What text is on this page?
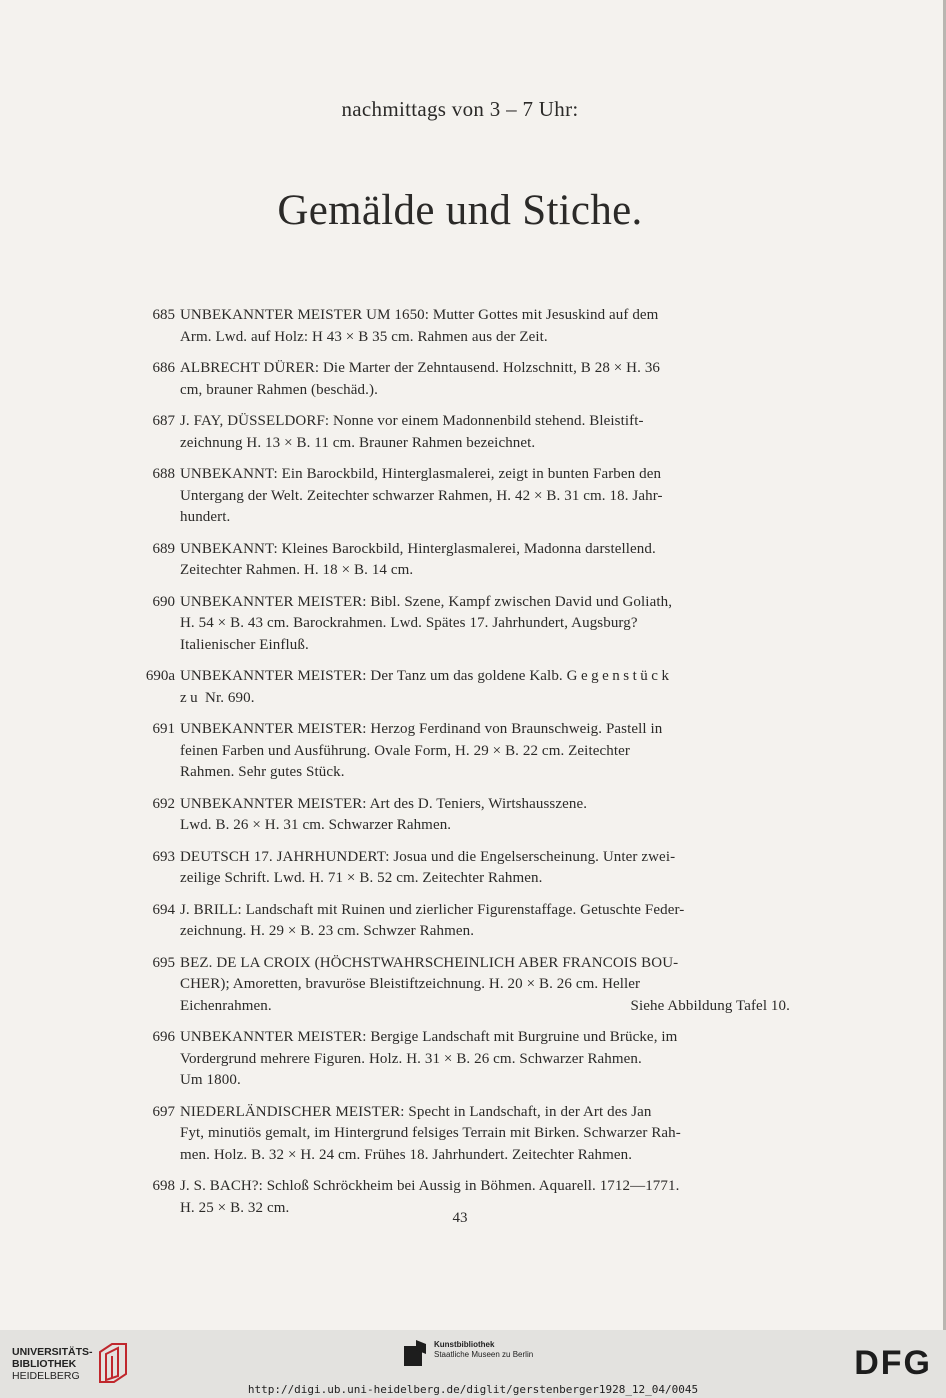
nachmittags von 3 – 7 Uhr:
Gemälde und Stiche.
685 UNBEKANNTER MEISTER UM 1650: Mutter Gottes mit Jesuskind auf dem
Arm. Lwd. auf Holz: H 43 × B 35 cm. Rahmen aus der Zeit.
686 ALBRECHT DÜRER: Die Marter der Zehntausend. Holzschnitt, B 28 × H. 36
cm, brauner Rahmen (beschäd.).
687 J. FAY, DÜSSELDORF: Nonne vor einem Madonnenbild stehend. Bleistift-
zeichnung H. 13 × B. 11 cm. Brauner Rahmen bezeichnet.
688 UNBEKANNT: Ein Barockbild, Hinterglasmalerei, zeigt in bunten Farben den
Untergang der Welt. Zeitechter schwarzer Rahmen, H. 42 × B. 31 cm. 18. Jahr-
hundert.
689 UNBEKANNT: Kleines Barockbild, Hinterglasmalerei, Madonna darstellend.
Zeitechter Rahmen. H. 18 × B. 14 cm.
690 UNBEKANNTER MEISTER: Bibl. Szene, Kampf zwischen David und Goliath,
H. 54 × B. 43 cm. Barockrahmen. Lwd. Spätes 17. Jahrhundert, Augsburg?
Italienischer Einfluß.
690a UNBEKANNTER MEISTER: Der Tanz um das goldene Kalb. Gegenstück
zu Nr. 690.
691 UNBEKANNTER MEISTER: Herzog Ferdinand von Braunschweig. Pastell in
feinen Farben und Ausführung. Ovale Form, H. 29 × B. 22 cm. Zeitechter
Rahmen. Sehr gutes Stück.
692 UNBEKANNTER MEISTER: Art des D. Teniers, Wirtshausszene.
Lwd. B. 26 × H. 31 cm. Schwarzer Rahmen.
693 DEUTSCH 17. JAHRHUNDERT: Josua und die Engelserscheinung. Unter zwei-
zeilige Schrift. Lwd. H. 71 × B. 52 cm. Zeitechter Rahmen.
694 J. BRILL: Landschaft mit Ruinen und zierlicher Figurenstaffage. Getuschte Feder-
zeichnung. H. 29 × B. 23 cm. Schwzer Rahmen.
695 BEZ. DE LA CROIX (HÖCHSTWAHRSCHEINLICH ABER FRANCOIS BOU-
CHER); Amoretten, bravuröse Bleistiftzeichnung. H. 20 × B. 26 cm. Heller
Eichenrahmen.	Siehe Abbildung Tafel 10.
696 UNBEKANNTER MEISTER: Bergige Landschaft mit Burgruine und Brücke, im
Vordergrund mehrere Figuren. Holz. H. 31 × B. 26 cm. Schwarzer Rahmen.
Um 1800.
697 NIEDERLÄNDISCHER MEISTER: Specht in Landschaft, in der Art des Jan
Fyt, minutiös gemalt, im Hintergrund felsiges Terrain mit Birken. Schwarzer Rah-
men. Holz. B. 32 × H. 24 cm. Frühes 18. Jahrhundert. Zeitechter Rahmen.
698 J. S. BACH?: Schloß Schröckheim bei Aussig in Böhmen. Aquarell. 1712—1771.
H. 25 × B. 32 cm.
43
UNIVERSITÄTS-
BIBLIOTHEK
HEIDELBERG
Kunstbibliothek
Staatliche Museen zu Berlin	DFG
http://digi.ub.uni-heidelberg.de/diglit/gerstenberger1928_12_04/0045
